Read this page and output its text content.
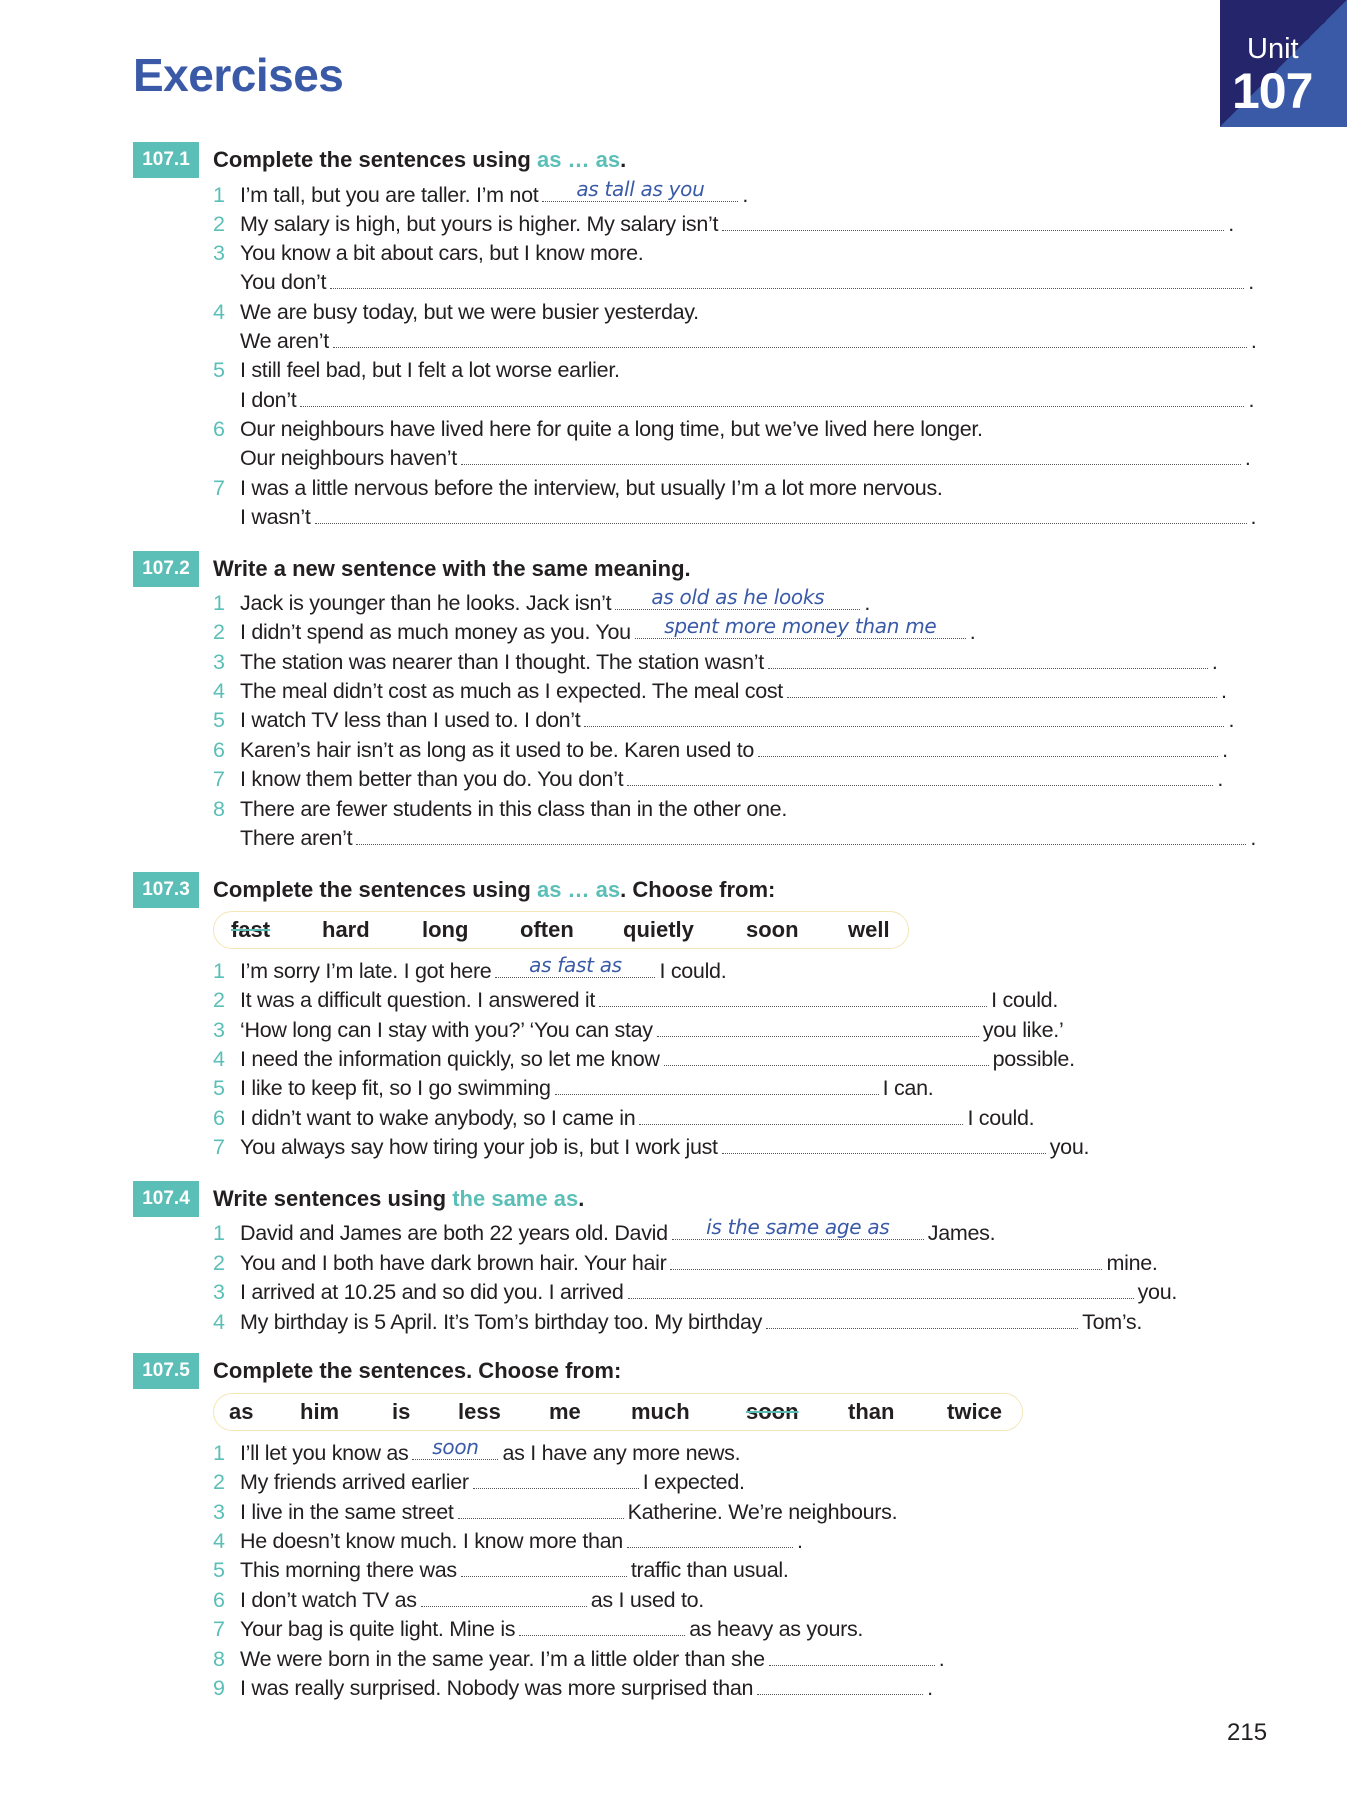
Exercises	Unit
107
107.1	Complete the sentences using as … as.
1 I’m tall, but you are taller. I’m not	as tall as you	.
2 My salary is high, but yours is higher. My salary isn’t	.
3 You know a bit about cars, but I know more.
You don’t	.
4 We are busy today, but we were busier yesterday.
We aren’t	.
5 I still feel bad, but I felt a lot worse earlier.
I don’t	.
6 Our neighbours have lived here for quite a long time, but we’ve lived here longer.
Our neighbours haven’t	.
7 I was a little nervous before the interview, but usually I’m a lot more nervous.
I wasn’t	.
107.2	Write a new sentence with the same meaning.
1 Jack is younger than he looks. Jack isn’t	as old as he looks	.
2 I didn’t spend as much money as you. You	spent more money than me	.
3 The station was nearer than I thought. The station wasn’t	.
4 The meal didn’t cost as much as I expected. The meal cost	.
5 I watch TV less than I used to. I don’t	.
6 Karen’s hair isn’t as long as it used to be. Karen used to	.
7 I know them better than you do. You don’t	.
8 There are fewer students in this class than in the other one.
There aren’t	.
107.3	Complete the sentences using as … as. Choose from:
fast hard long often quietly soon well
1 I’m sorry I’m late. I got here	as fast as	I could.
2 It was a difficult question. I answered it	I could.
3 ‘How long can I stay with you?’ ‘You can stay	you like.’
4 I need the information quickly, so let me know	possible.
5 I like to keep fit, so I go swimming	I can.
6 I didn’t want to wake anybody, so I came in	I could.
7 You always say how tiring your job is, but I work just	you.
107.4	Write sentences using the same as.
1 David and James are both 22 years old. David	is the same age as	James.
2 You and I both have dark brown hair. Your hair	mine.
3 I arrived at 10.25 and so did you. I arrived	you.
4 My birthday is 5 April. It’s Tom’s birthday too. My birthday	Tom’s.
107.5	Complete the sentences. Choose from:
as him is less me much	soon than twice
1 I’ll let you know as	soon	as I have any more news.
2 My friends arrived earlier	I expected.
3 I live in the same street	Katherine. We’re neighbours.
4 He doesn’t know much. I know more than	.
5 This morning there was	traffic than usual.
6 I don’t watch TV as	as I used to.
7 Your bag is quite light. Mine is	as heavy as yours.
8 We were born in the same year. I’m a little older than she	.
9 I was really surprised. Nobody was more surprised than	.
215
